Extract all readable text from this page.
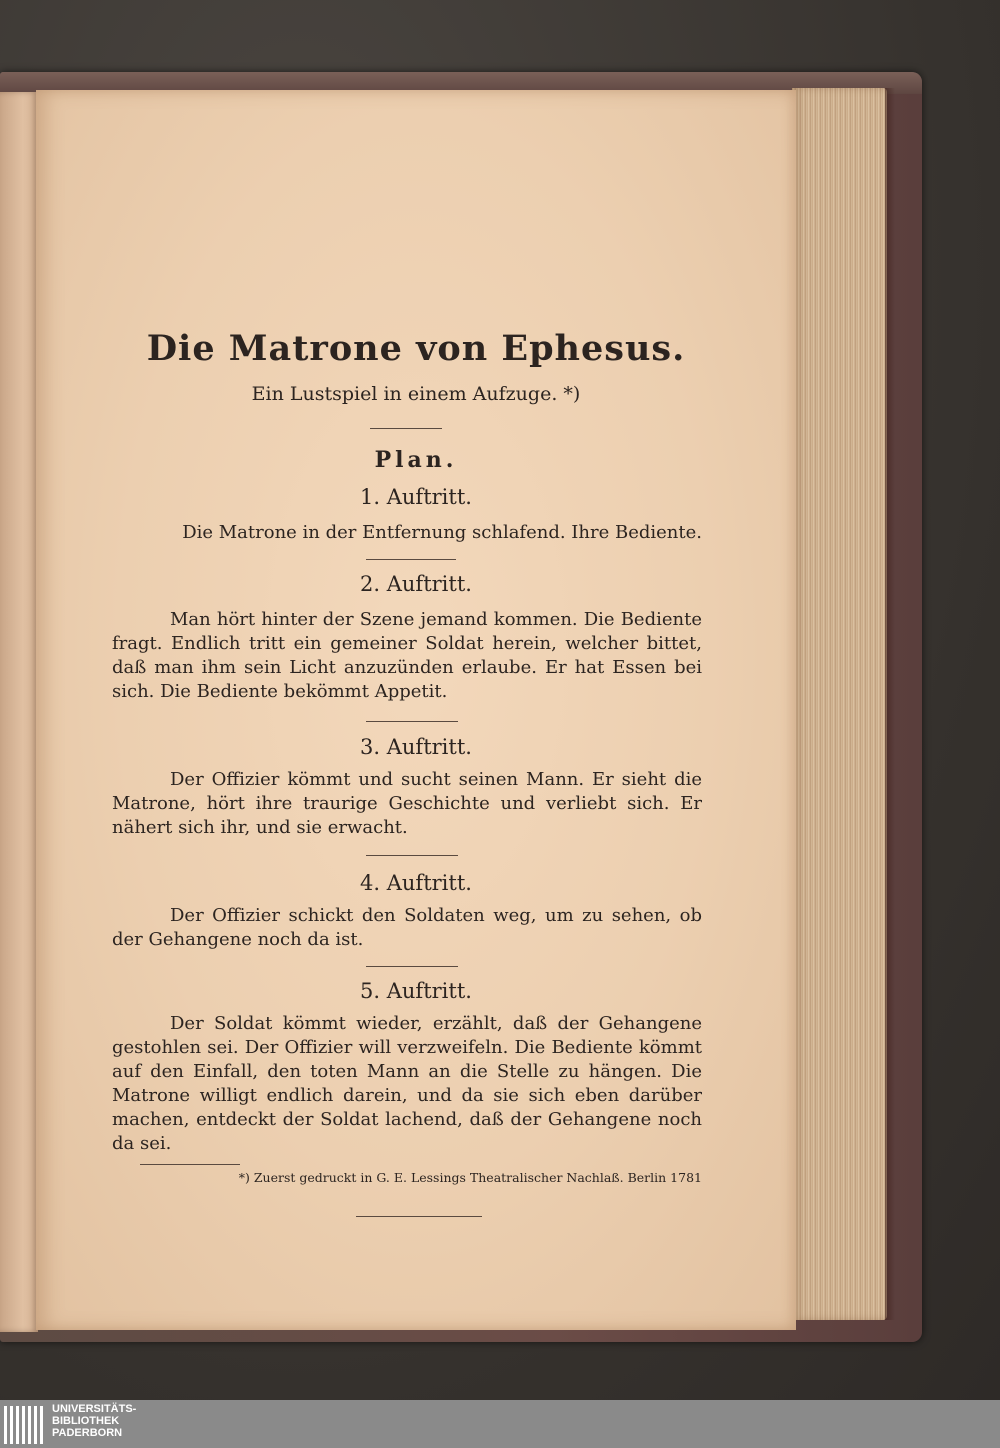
Die Matrone von Ephesus.
Ein Lustspiel in einem Aufzuge. *)
Plan.
1. Auftritt.
Die Matrone in der Entfernung schlafend. Ihre Bediente.
2. Auftritt.
Man hört hinter der Szene jemand kommen. Die Bediente fragt. Endlich tritt ein gemeiner Soldat herein, welcher bittet, daß man ihm sein Licht anzuzünden erlaube. Er hat Essen bei sich. Die Bediente bekömmt Appetit.
3. Auftritt.
Der Offizier kömmt und sucht seinen Mann. Er sieht die Matrone, hört ihre traurige Geschichte und verliebt sich. Er nähert sich ihr, und sie erwacht.
4. Auftritt.
Der Offizier schickt den Soldaten weg, um zu sehen, ob der Gehangene noch da ist.
5. Auftritt.
Der Soldat kömmt wieder, erzählt, daß der Gehangene gestohlen sei. Der Offizier will verzweifeln. Die Bediente kömmt auf den Einfall, den toten Mann an die Stelle zu hängen. Die Matrone willigt endlich darein, und da sie sich eben darüber machen, entdeckt der Soldat lachend, daß der Gehangene noch da sei.
*) Zuerst gedruckt in G. E. Lessings Theatralischer Nachlaß. Berlin 1781
UNIVERSITÄTS-
BIBLIOTHEK
PADERBORN
